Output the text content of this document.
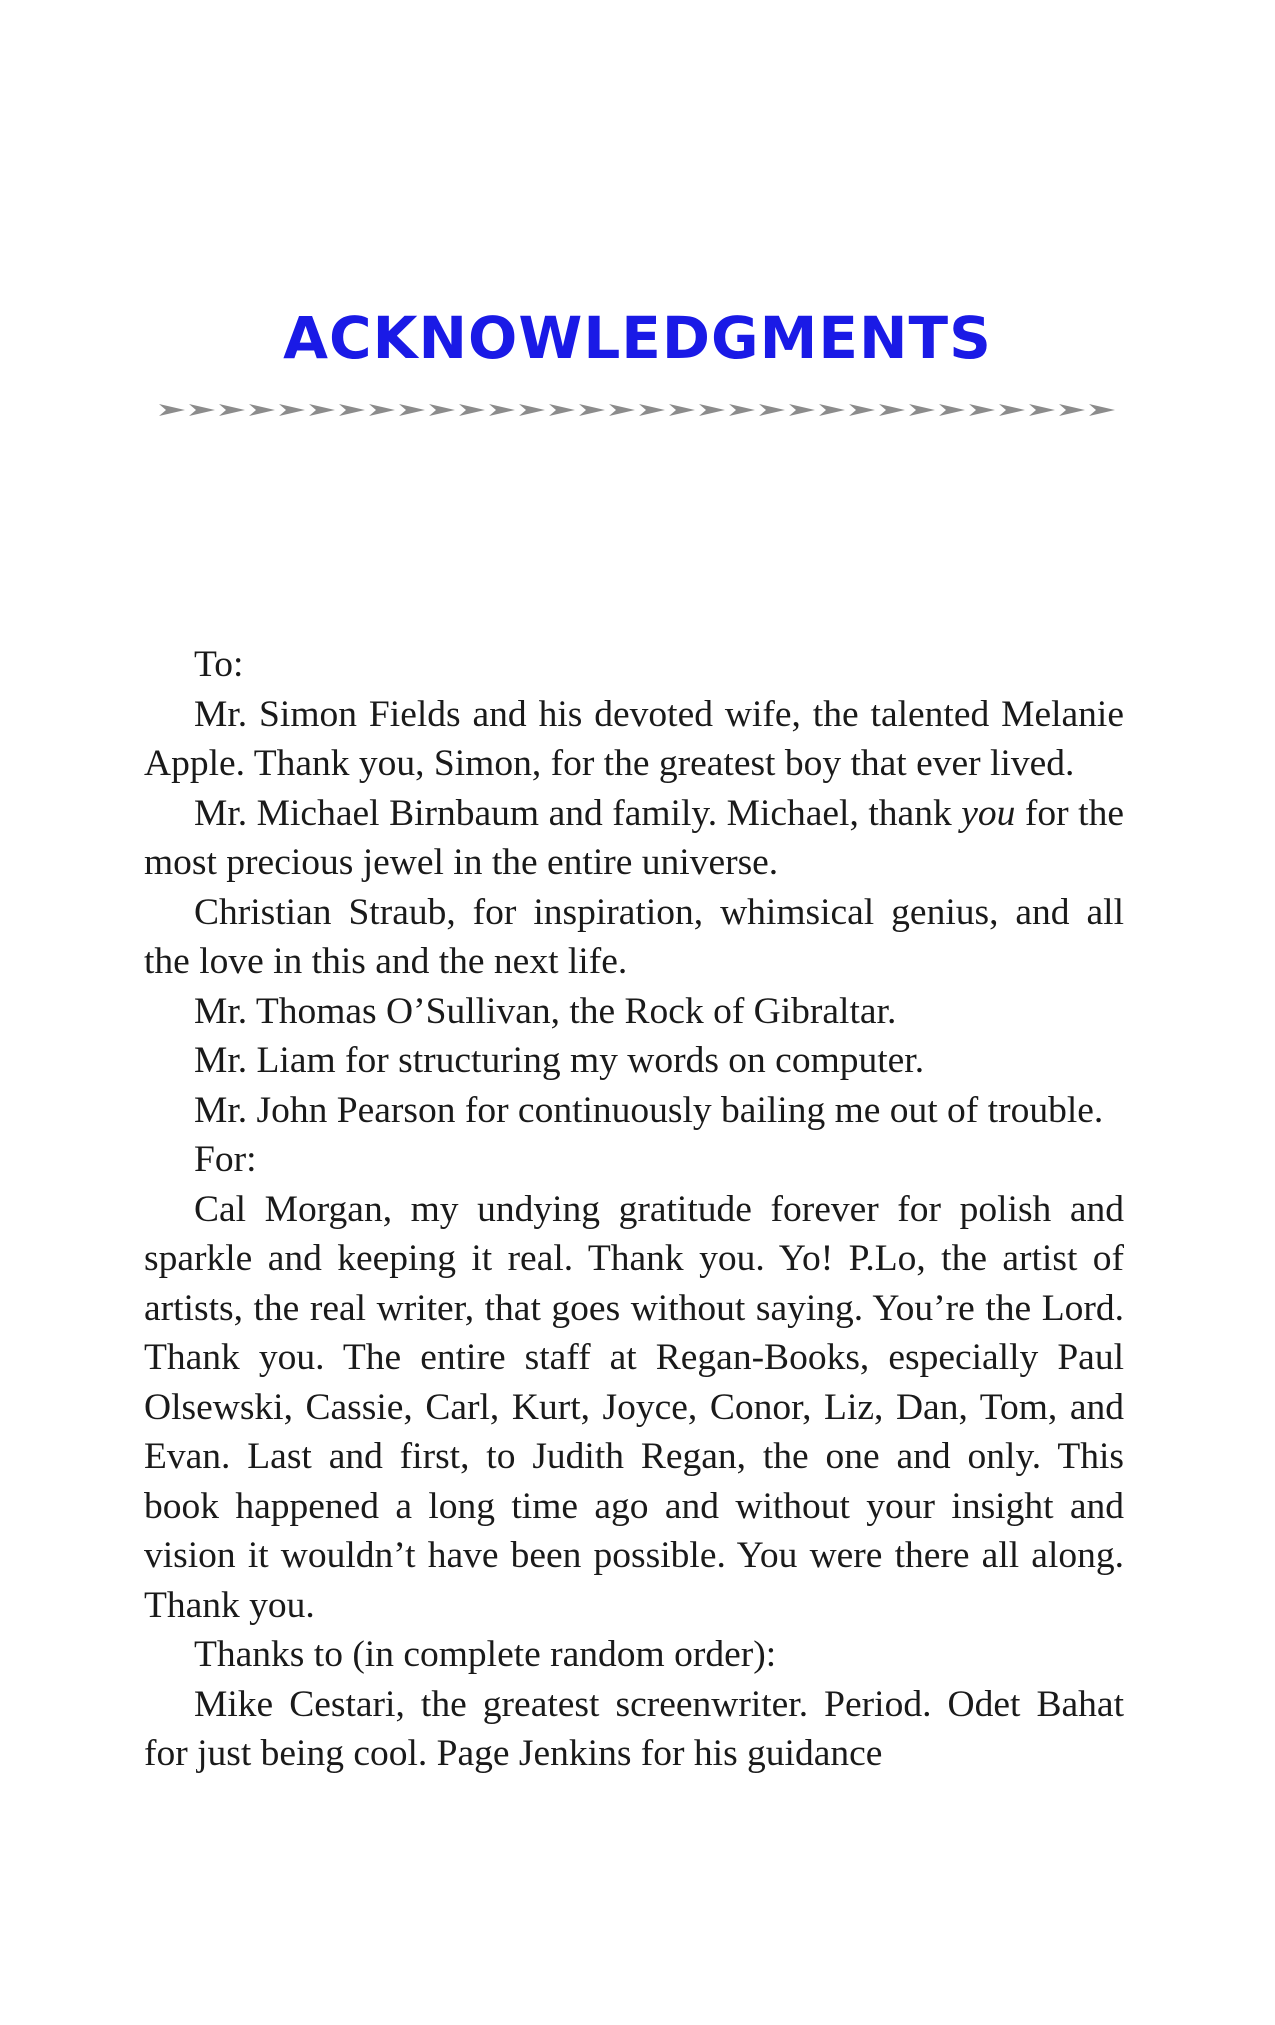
ACKNOWLEDGMENTS

To:

Mr. Simon Fields and his devoted wife, the talented Melanie Apple. Thank you, Simon, for the greatest boy that ever lived.

Mr. Michael Birnbaum and family. Michael, thank you for the most precious jewel in the entire universe.

Christian Straub, for inspiration, whimsical genius, and all the love in this and the next life.

Mr. Thomas O’Sullivan, the Rock of Gibraltar.

Mr. Liam for structuring my words on computer.

Mr. John Pearson for continuously bailing me out of trouble.

For:

Cal Morgan, my undying gratitude forever for polish and sparkle and keeping it real. Thank you. Yo! P.Lo, the artist of artists, the real writer, that goes without saying. You’re the Lord. Thank you. The entire staff at Regan-Books, especially Paul Olsewski, Cassie, Carl, Kurt, Joyce, Conor, Liz, Dan, Tom, and Evan. Last and first, to Judith Regan, the one and only. This book happened a long time ago and without your insight and vision it wouldn’t have been possible. You were there all along. Thank you.

Thanks to (in complete random order):

Mike Cestari, the greatest screenwriter. Period. Odet Bahat for just being cool. Page Jenkins for his guidance
